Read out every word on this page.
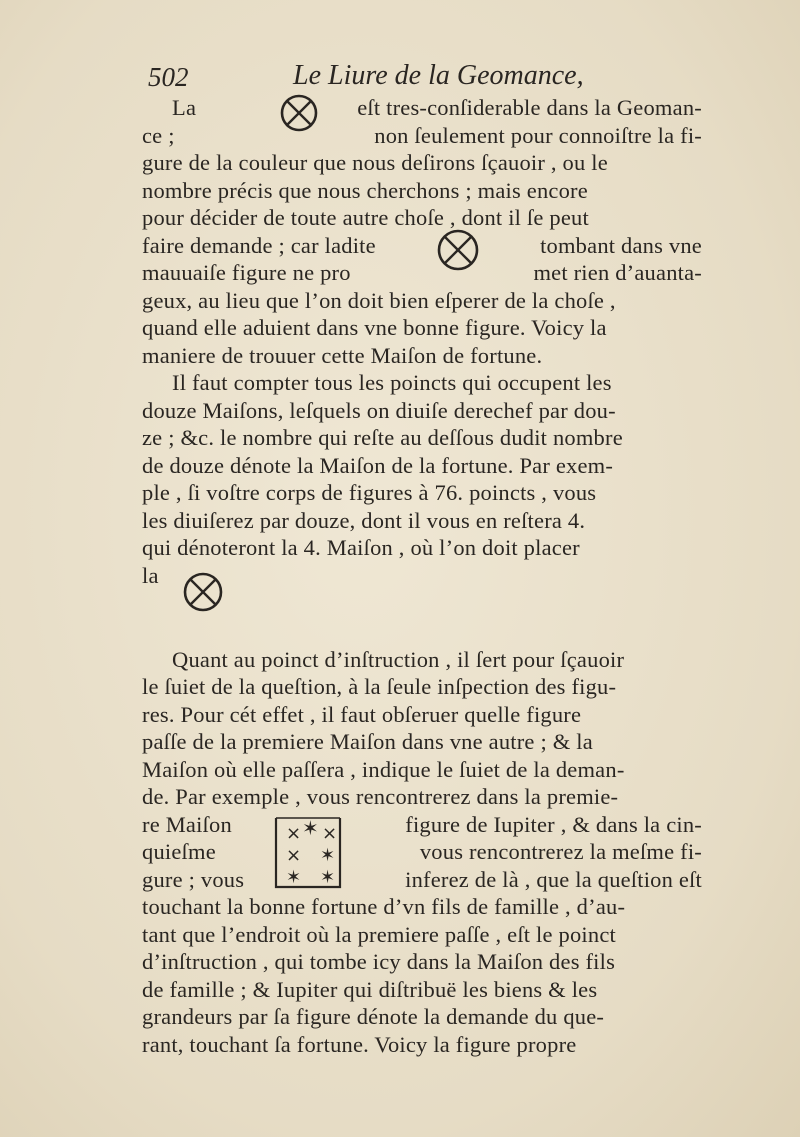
502	Le Liure de la Geomance,
La	eſt tres-conſiderable dans la Geoman-
ce ;	non ſeulement pour connoiſtre la fi-
gure de la couleur que nous deſirons ſçauoir , ou le
nombre précis que nous cherchons ; mais encore
pour décider de toute autre choſe , dont il ſe peut
faire demande ; car ladite	tombant dans vne
mauuaiſe figure ne pro	met rien d’auanta-
geux, au lieu que l’on doit bien eſperer de la choſe ,
quand elle aduient dans vne bonne figure. Voicy la
maniere de trouuer cette Maiſon de fortune.
Il faut compter tous les poincts qui occupent les
douze Maiſons, leſquels on diuiſe derechef par dou-
ze ; &c. le nombre qui reſte au deſſous dudit nombre
de douze dénote la Maiſon de la fortune. Par exem-
ple , ſi voſtre corps de figures à 76. poincts , vous
les diuiſerez par douze, dont il vous en reſtera 4.
qui dénoteront la 4. Maiſon , où l’on doit placer
la
Quant au poinct d’inſtruction , il ſert pour ſçauoir
le ſuiet de la queſtion, à la ſeule inſpection des figu-
res. Pour cét effet , il faut obſeruer quelle figure
paſſe de la premiere Maiſon dans vne autre ; & la
Maiſon où elle paſſera , indique le ſuiet de la deman-
de. Par exemple , vous rencontrerez dans la premie-
re Maiſon	figure de Iupiter , & dans la cin-
quieſme	vous rencontrerez la meſme fi-
gure ; vous	inferez de là , que la queſtion eſt
× ✶ ×
× ✶
✶ ✶
touchant la bonne fortune d’vn fils de famille , d’au-
tant que l’endroit où la premiere paſſe , eſt le poinct
d’inſtruction , qui tombe icy dans la Maiſon des fils
de famille ; & Iupiter qui diſtribuë les biens & les
grandeurs par ſa figure dénote la demande du que-
rant, touchant ſa fortune. Voicy la figure propre
